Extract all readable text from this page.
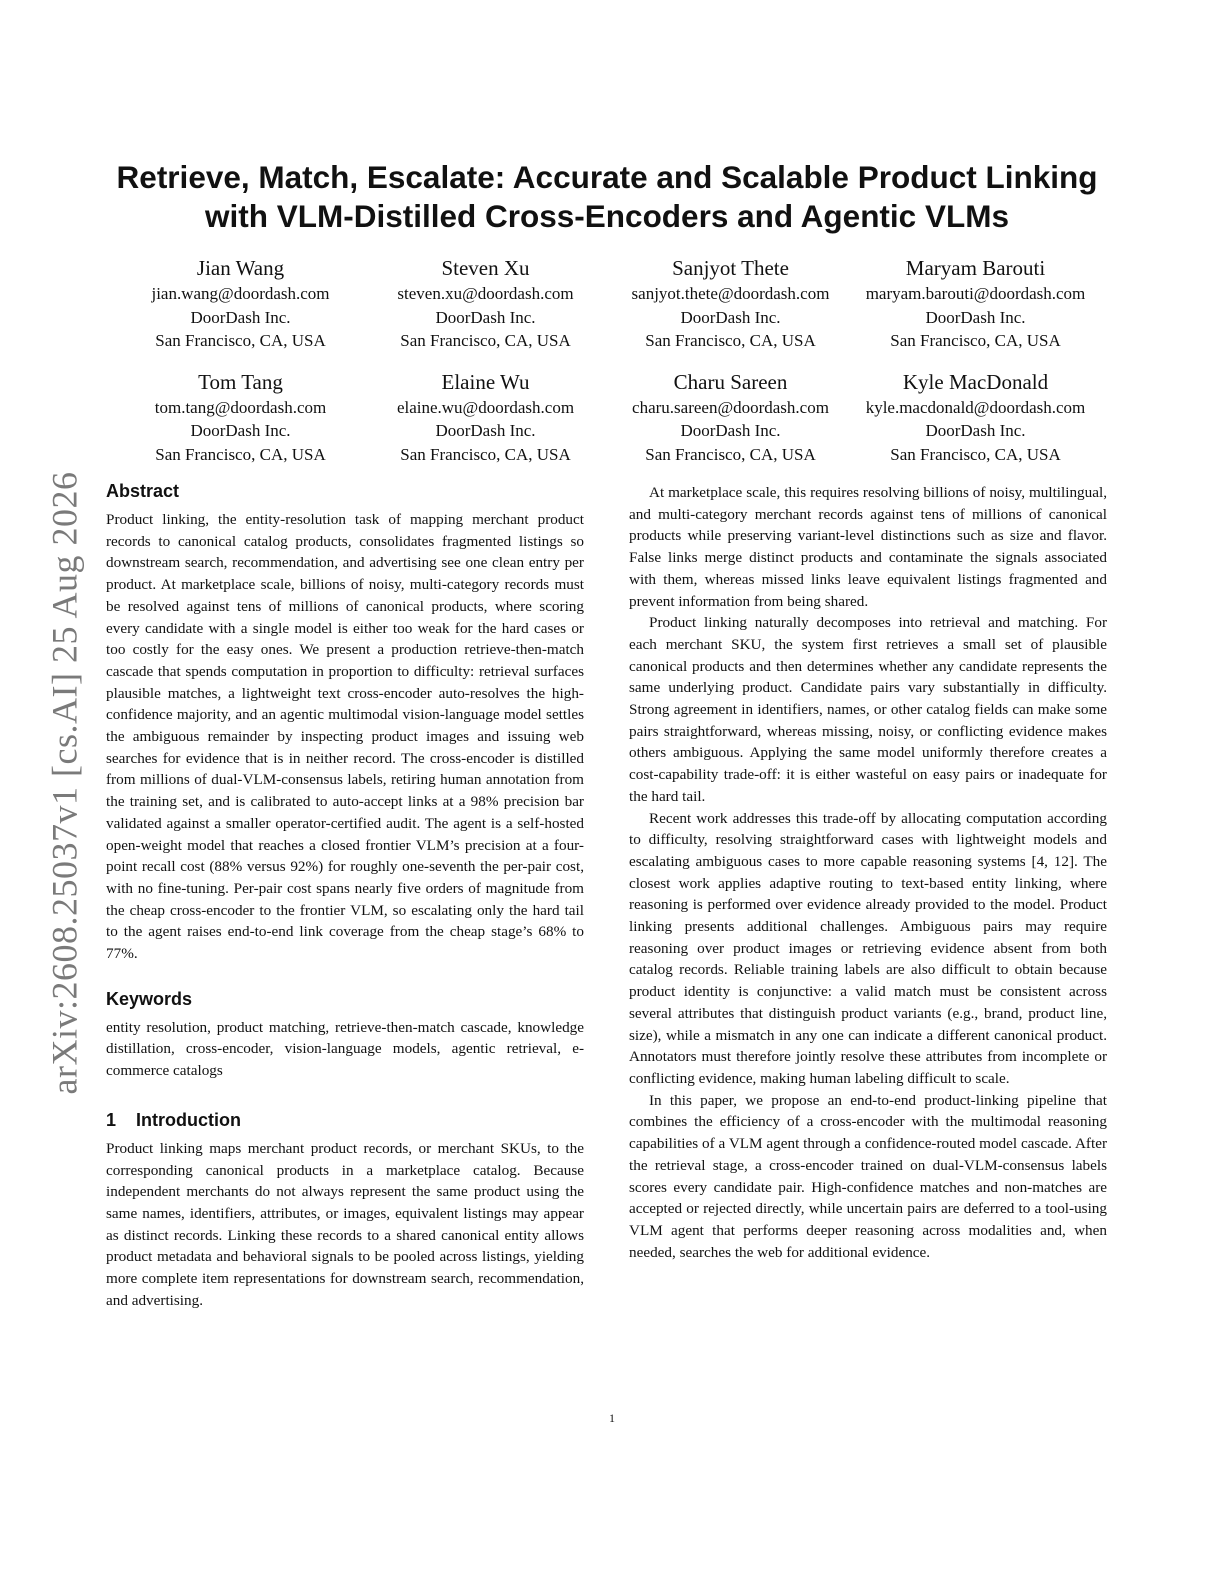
arXiv:2608.25037v1 [cs.AI] 25 Aug 2026
Retrieve, Match, Escalate: Accurate and Scalable Product Linking
with VLM-Distilled Cross-Encoders and Agentic VLMs
Jian Wang
jian.wang@doordash.com
DoorDash Inc.
San Francisco, CA, USA
Steven Xu
steven.xu@doordash.com
DoorDash Inc.
San Francisco, CA, USA
Sanjyot Thete
sanjyot.thete@doordash.com
DoorDash Inc.
San Francisco, CA, USA
Maryam Barouti
maryam.barouti@doordash.com
DoorDash Inc.
San Francisco, CA, USA
Tom Tang
tom.tang@doordash.com
DoorDash Inc.
San Francisco, CA, USA
Elaine Wu
elaine.wu@doordash.com
DoorDash Inc.
San Francisco, CA, USA
Charu Sareen
charu.sareen@doordash.com
DoorDash Inc.
San Francisco, CA, USA
Kyle MacDonald
kyle.macdonald@doordash.com
DoorDash Inc.
San Francisco, CA, USA
Abstract

Product linking, the entity-resolution task of mapping merchant product records to canonical catalog products, consolidates fragmented listings so downstream search, recommendation, and advertising see one clean entry per product. At marketplace scale, billions of noisy, multi-category records must be resolved against tens of millions of canonical products, where scoring every candidate with a single model is either too weak for the hard cases or too costly for the easy ones. We present a production retrieve-then-match cascade that spends computation in proportion to difficulty: retrieval surfaces plausible matches, a lightweight text cross-encoder auto-resolves the high-confidence majority, and an agentic multimodal vision-language model settles the ambiguous remainder by inspecting product images and issuing web searches for evidence that is in neither record. The cross-encoder is distilled from millions of dual-VLM-consensus labels, retiring human annotation from the training set, and is calibrated to auto-accept links at a 98% precision bar validated against a smaller operator-certified audit. The agent is a self-hosted open-weight model that reaches a closed frontier VLM’s precision at a four-point recall cost (88% versus 92%) for roughly one-seventh the per-pair cost, with no fine-tuning. Per-pair cost spans nearly five orders of magnitude from the cheap cross-encoder to the frontier VLM, so escalating only the hard tail to the agent raises end-to-end link coverage from the cheap stage’s 68% to 77%.

Keywords

entity resolution, product matching, retrieve-then-match cascade, knowledge distillation, cross-encoder, vision-language models, agentic retrieval, e-commerce catalogs

1 Introduction

Product linking maps merchant product records, or merchant SKUs, to the corresponding canonical products in a marketplace catalog. Because independent merchants do not always represent the same product using the same names, identifiers, attributes, or images, equivalent listings may appear as distinct records. Linking these records to a shared canonical entity allows product metadata and behavioral signals to be pooled across listings, yielding more complete item representations for downstream search, recommendation, and advertising.

At marketplace scale, this requires resolving billions of noisy, multilingual, and multi-category merchant records against tens of millions of canonical products while preserving variant-level distinctions such as size and flavor. False links merge distinct products and contaminate the signals associated with them, whereas missed links leave equivalent listings fragmented and prevent information from being shared.

Product linking naturally decomposes into retrieval and matching. For each merchant SKU, the system first retrieves a small set of plausible canonical products and then determines whether any candidate represents the same underlying product. Candidate pairs vary substantially in difficulty. Strong agreement in identifiers, names, or other catalog fields can make some pairs straightforward, whereas missing, noisy, or conflicting evidence makes others ambiguous. Applying the same model uniformly therefore creates a cost-capability trade-off: it is either wasteful on easy pairs or inadequate for the hard tail.

Recent work addresses this trade-off by allocating computation according to difficulty, resolving straightforward cases with lightweight models and escalating ambiguous cases to more capable reasoning systems [4, 12]. The closest work applies adaptive routing to text-based entity linking, where reasoning is performed over evidence already provided to the model. Product linking presents additional challenges. Ambiguous pairs may require reasoning over product images or retrieving evidence absent from both catalog records. Reliable training labels are also difficult to obtain because product identity is conjunctive: a valid match must be consistent across several attributes that distinguish product variants (e.g., brand, product line, size), while a mismatch in any one can indicate a different canonical product. Annotators must therefore jointly resolve these attributes from incomplete or conflicting evidence, making human labeling difficult to scale.

In this paper, we propose an end-to-end product-linking pipeline that combines the efficiency of a cross-encoder with the multimodal reasoning capabilities of a VLM agent through a confidence-routed model cascade. After the retrieval stage, a cross-encoder trained on dual-VLM-consensus labels scores every candidate pair. High-confidence matches and non-matches are accepted or rejected directly, while uncertain pairs are deferred to a tool-using VLM agent that performs deeper reasoning across modalities and, when needed, searches the web for additional evidence.

1
